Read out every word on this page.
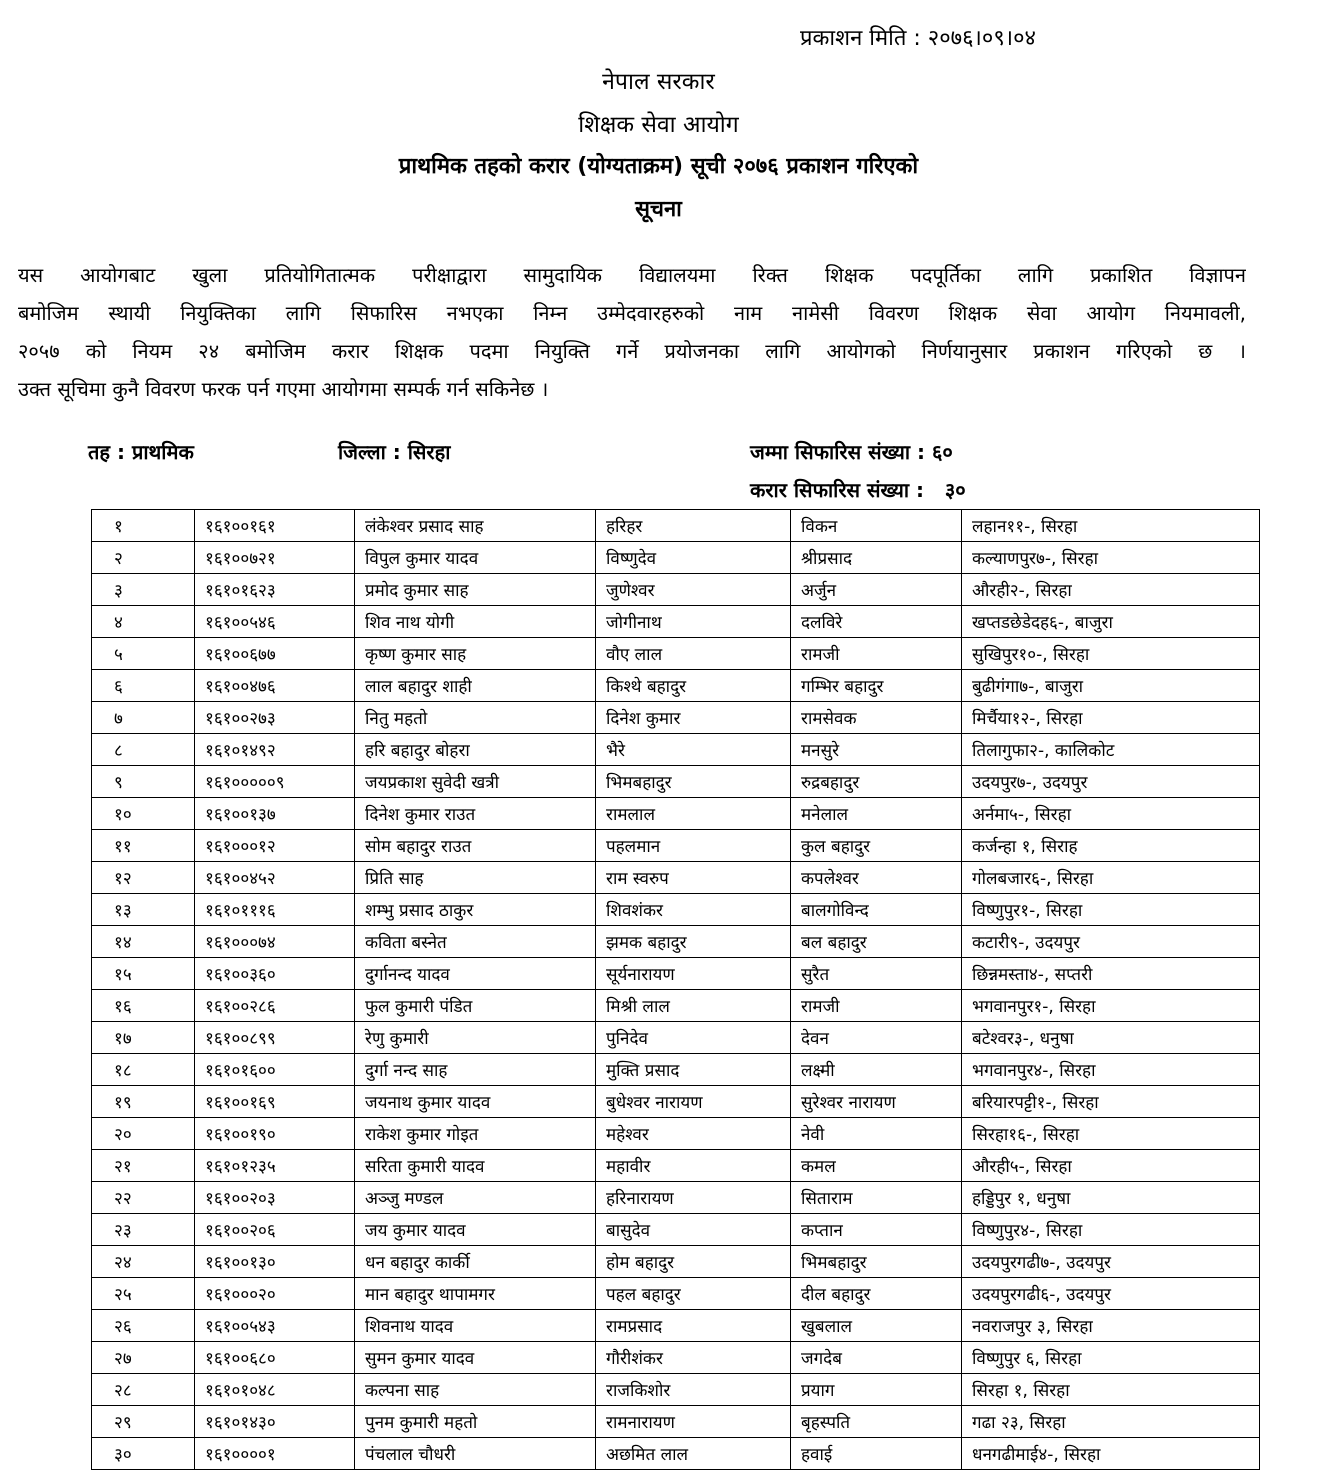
प्रकाशन मिति : २०७६।०९।०४
नेपाल सरकार
शिक्षक सेवा आयोग
प्राथमिक तहको करार (योग्यताक्रम) सूची २०७६ प्रकाशन गरिएको
सूचना
यस आयोगबाट खुला प्रतियोगितात्मक परीक्षाद्वारा सामुदायिक विद्यालयमा रिक्त शिक्षक पदपूर्तिका लागि प्रकाशित विज्ञापन
बमोजिम स्थायी नियुक्तिका लागि सिफारिस नभएका निम्न उम्मेदवारहरुको नाम नामेसी विवरण शिक्षक सेवा आयोग नियमावली,
२०५७ को नियम २४ बमोजिम करार शिक्षक पदमा नियुक्ति गर्ने प्रयोजनका लागि आयोगको निर्णयानुसार प्रकाशन गरिएको छ ।
उक्त सूचिमा कुनै विवरण फरक पर्न गएमा आयोगमा सम्पर्क गर्न सकिनेछ ।
तह : प्राथमिक	जिल्ला : सिरहा	जम्मा सिफारिस संख्या : ६०
करार सिफारिस संख्या :   ३०
१	१६१००१६१	लंकेश्वर प्रसाद साह	हरिहर	विकन	लहान११-, सिरहा
२	१६१००७२१	विपुल कुमार यादव	विष्णुदेव	श्रीप्रसाद	कल्याणपुर७-, सिरहा
३	१६१०१६२३	प्रमोद कुमार साह	जुणेश्वर	अर्जुन	औरही२-, सिरहा
४	१६१००५४६	शिव नाथ योगी	जोगीनाथ	दलविरे	खप्तडछेडेदह६-, बाजुरा
५	१६१००६७७	कृष्ण कुमार साह	वौए लाल	रामजी	सुखिपुर१०-, सिरहा
६	१६१००४७६	लाल बहादुर शाही	किश्थे बहादुर	गम्भिर बहादुर	बुढीगंगा७-, बाजुरा
७	१६१००२७३	नितु महतो	दिनेश कुमार	रामसेवक	मिर्चैया१२-, सिरहा
८	१६१०१४९२	हरि बहादुर बोहरा	भैरे	मनसुरे	तिलागुफा२-, कालिकोट
९	१६१०००००९	जयप्रकाश सुवेदी खत्री	भिमबहादुर	रुद्रबहादुर	उदयपुर७-, उदयपुर
१०	१६१००१३७	दिनेश कुमार राउत	रामलाल	मनेलाल	अर्नमा५-, सिरहा
११	१६१०००१२	सोम बहादुर राउत	पहलमान	कुल बहादुर	कर्जन्हा १, सिराह
१२	१६१००४५२	प्रिति साह	राम स्वरुप	कपलेश्वर	गोलबजार६-, सिरहा
१३	१६१०१११६	शम्भु प्रसाद ठाकुर	शिवशंकर	बालगोविन्द	विष्णुपुर१-, सिरहा
१४	१६१०००७४	कविता बस्नेत	झमक बहादुर	बल बहादुर	कटारी९-, उदयपुर
१५	१६१००३६०	दुर्गानन्द यादव	सूर्यनारायण	सुरैत	छिन्नमस्ता४-, सप्तरी
१६	१६१००२८६	फुल कुमारी पंडित	मिश्री लाल	रामजी	भगवानपुर१-, सिरहा
१७	१६१००८९९	रेणु कुमारी	पुनिदेव	देवन	बटेश्वर३-, धनुषा
१८	१६१०१६००	दुर्गा नन्द साह	मुक्ति प्रसाद	लक्ष्मी	भगवानपुर४-, सिरहा
१९	१६१००१६९	जयनाथ कुमार यादव	बुधेश्वर नारायण	सुरेश्वर नारायण	बरियारपट्टी१-, सिरहा
२०	१६१००१९०	राकेश कुमार गोइत	महेश्वर	नेवी	सिरहा१६-, सिरहा
२१	१६१०१२३५	सरिता कुमारी यादव	महावीर	कमल	औरही५-, सिरहा
२२	१६१००२०३	अञ्जु मण्डल	हरिनारायण	सिताराम	हड्डिपुर १, धनुषा
२३	१६१००२०६	जय कुमार यादव	बासुदेव	कप्तान	विष्णुपुर४-, सिरहा
२४	१६१००१३०	धन बहादुर कार्की	होम बहादुर	भिमबहादुर	उदयपुरगढी७-, उदयपुर
२५	१६१०००२०	मान बहादुर थापामगर	पहल बहादुर	दील बहादुर	उदयपुरगढी६-, उदयपुर
२६	१६१००५४३	शिवनाथ यादव	रामप्रसाद	खुबलाल	नवराजपुर ३, सिरहा
२७	१६१००६८०	सुमन कुमार यादव	गौरीशंकर	जगदेब	विष्णुपुर ६, सिरहा
२८	१६१०१०४८	कल्पना साह	राजकिशोर	प्रयाग	सिरहा १, सिरहा
२९	१६१०१४३०	पुनम कुमारी महतो	रामनारायण	बृहस्पति	गढा २३, सिरहा
३०	१६१००००१	पंचलाल चौधरी	अछमित लाल	हवाई	धनगढीमाई४-, सिरहा
